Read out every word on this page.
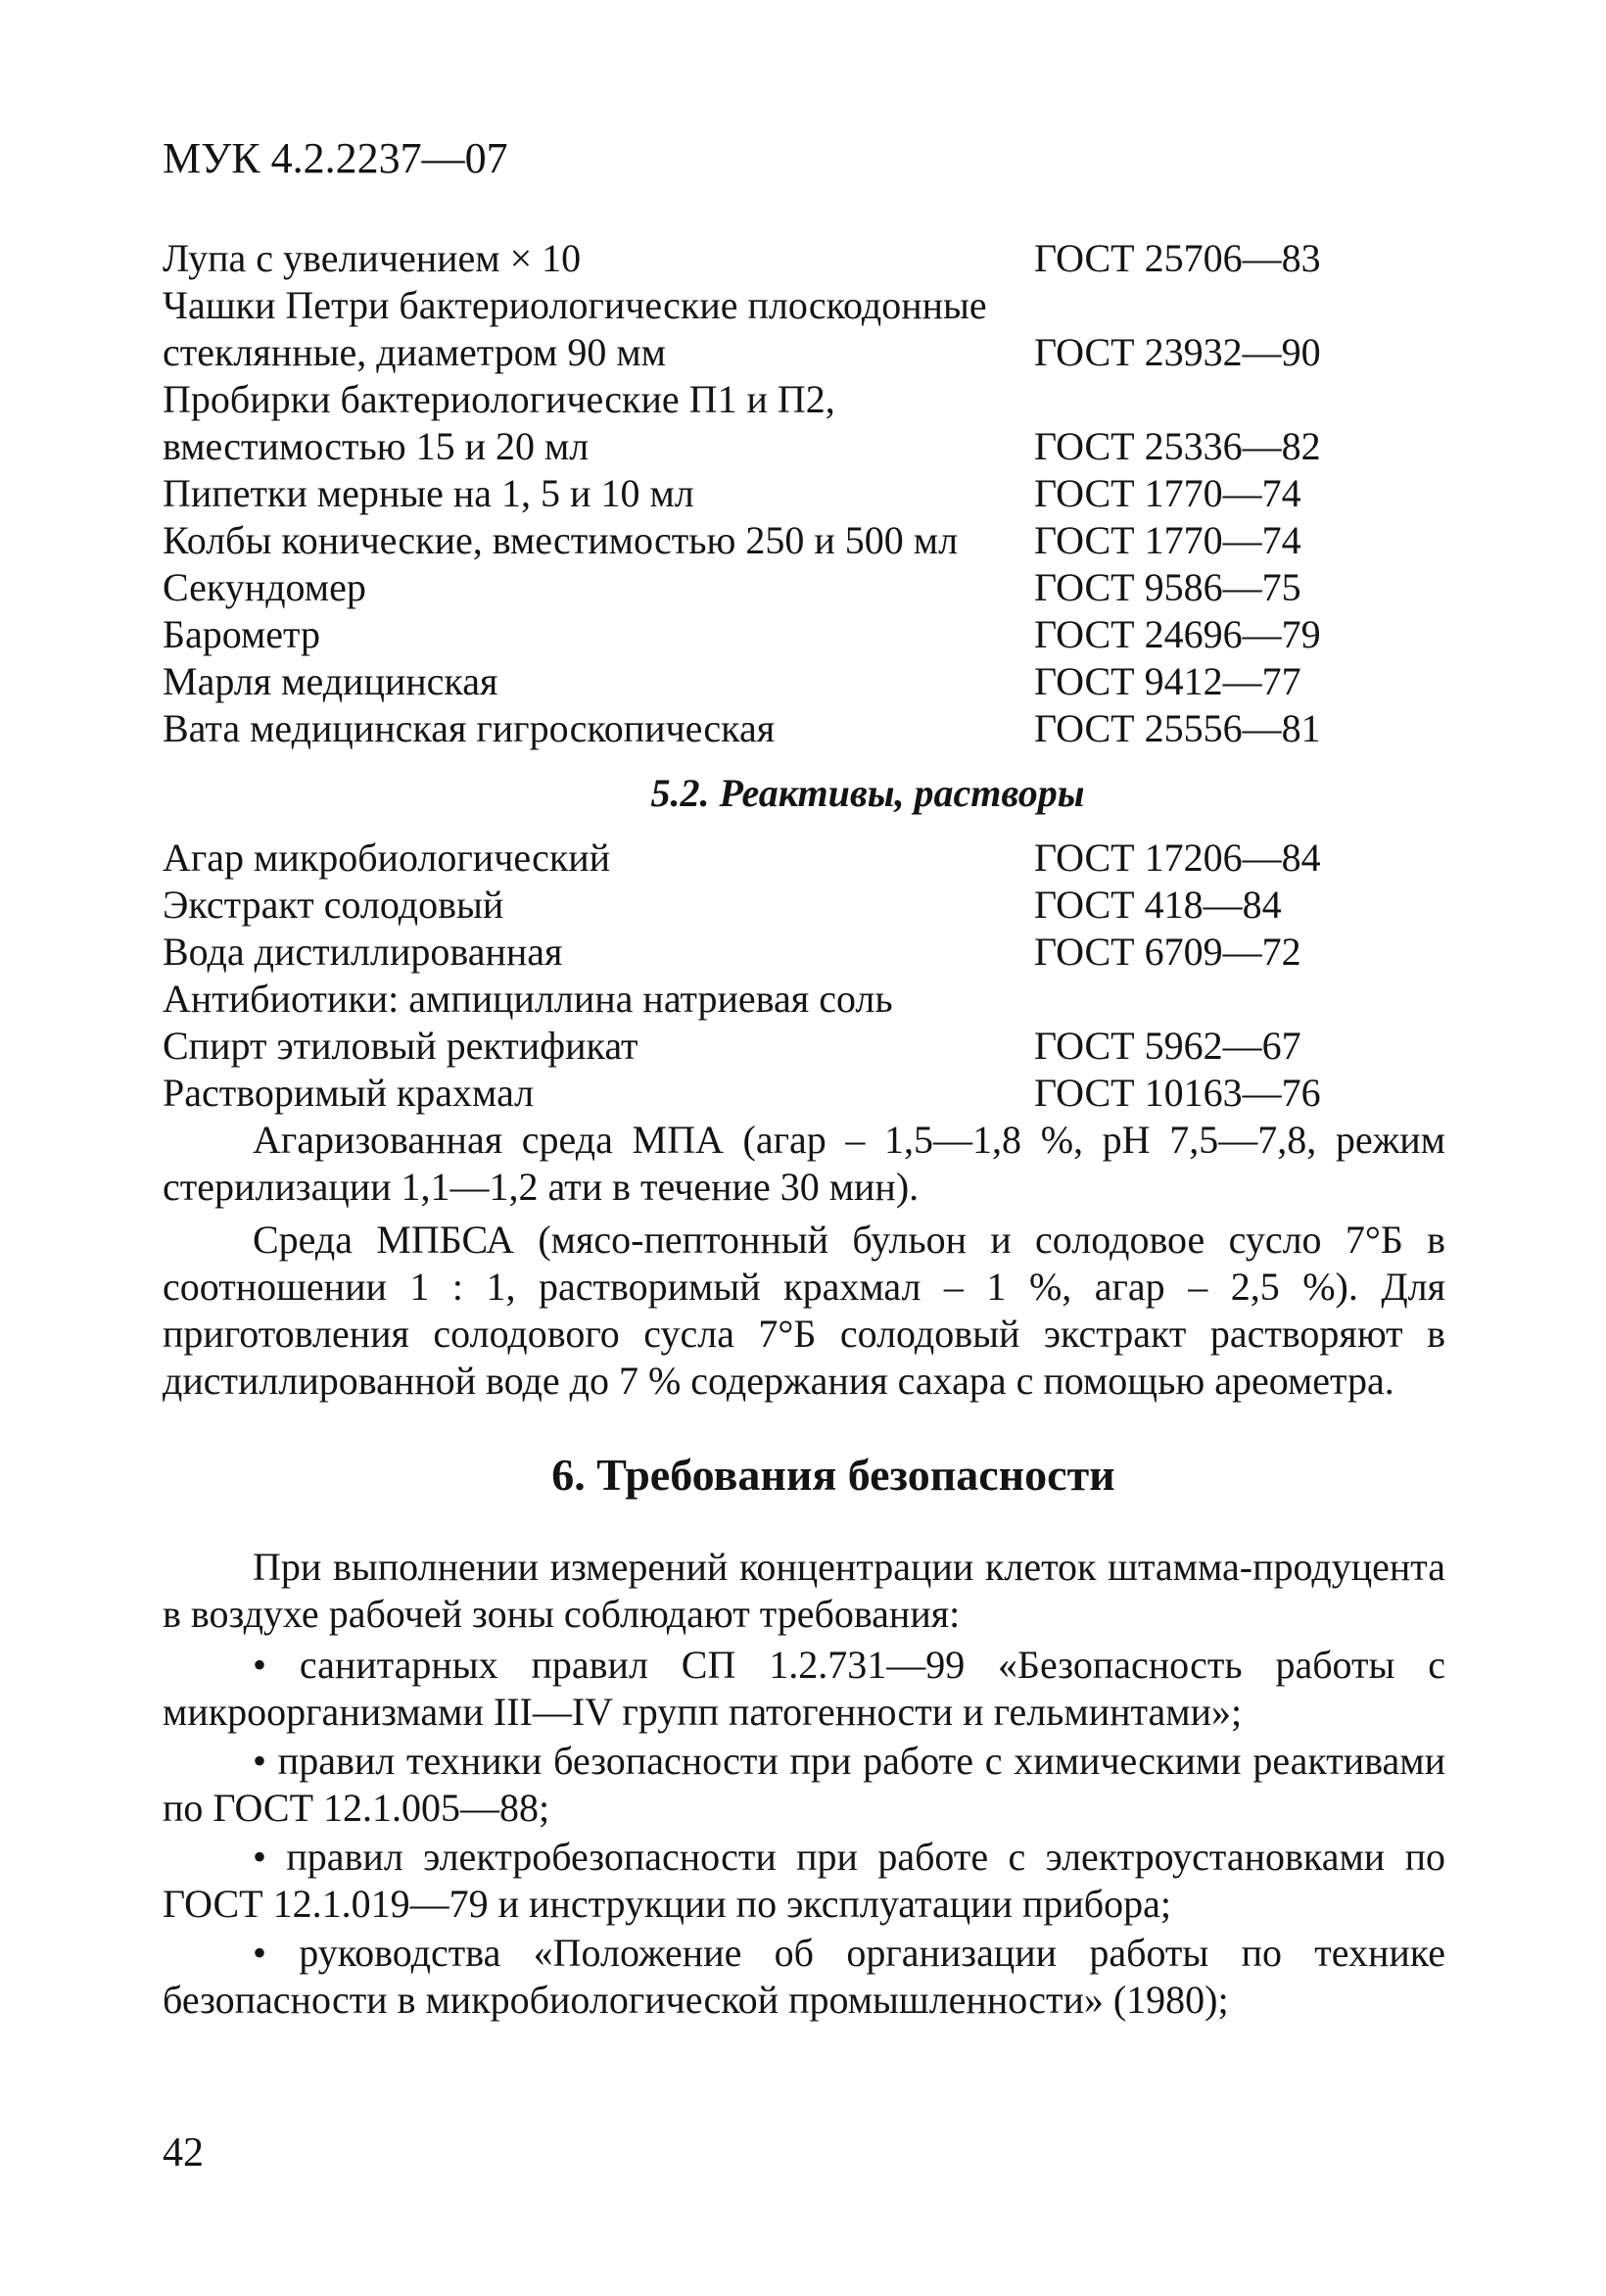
МУК 4.2.2237—07
Лупа с увеличением × 10	ГОСТ 25706—83
Чашки Петри бактериологические плоскодонные стеклянные, диаметром 90 мм	ГОСТ 23932—90
Пробирки бактериологические П1 и П2, вместимостью 15 и 20 мл	ГОСТ 25336—82
Пипетки мерные на 1, 5 и 10 мл	ГОСТ 1770—74
Колбы конические, вместимостью 250 и 500 мл	ГОСТ 1770—74
Секундомер	ГОСТ 9586—75
Барометр	ГОСТ 24696—79
Марля медицинская	ГОСТ 9412—77
Вата медицинская гигроскопическая	ГОСТ 25556—81
5.2. Реактивы, растворы
Агар микробиологический	ГОСТ 17206—84
Экстракт солодовый	ГОСТ 418—84
Вода дистиллированная	ГОСТ 6709—72
Антибиотики: ампициллина натриевая соль
Спирт этиловый ректификат	ГОСТ 5962—67
Растворимый крахмал	ГОСТ 10163—76

Агаризованная среда МПА (агар – 1,5—1,8 %, рН 7,5—7,8, режим стерилизации 1,1—1,2 ати в течение 30 мин).

Среда МПБСА (мясо-пептонный бульон и солодовое сусло 7°Б в соотношении 1 : 1, растворимый крахмал – 1 %, агар – 2,5 %). Для приготовления солодового сусла 7°Б солодовый экстракт растворяют в дистиллированной воде до 7 % содержания сахара с помощью ареометра.

6. Требования безопасности

При выполнении измерений концентрации клеток штамма-продуцента в воздухе рабочей зоны соблюдают требования:

• санитарных правил СП 1.2.731—99 «Безопасность работы с микроорганизмами III—IV групп патогенности и гельминтами»;

• правил техники безопасности при работе с химическими реактивами по ГОСТ 12.1.005—88;

• правил электробезопасности при работе с электроустановками по ГОСТ 12.1.019—79 и инструкции по эксплуатации прибора;

• руководства «Положение об организации работы по технике безопасности в микробиологической промышленности» (1980);

42
